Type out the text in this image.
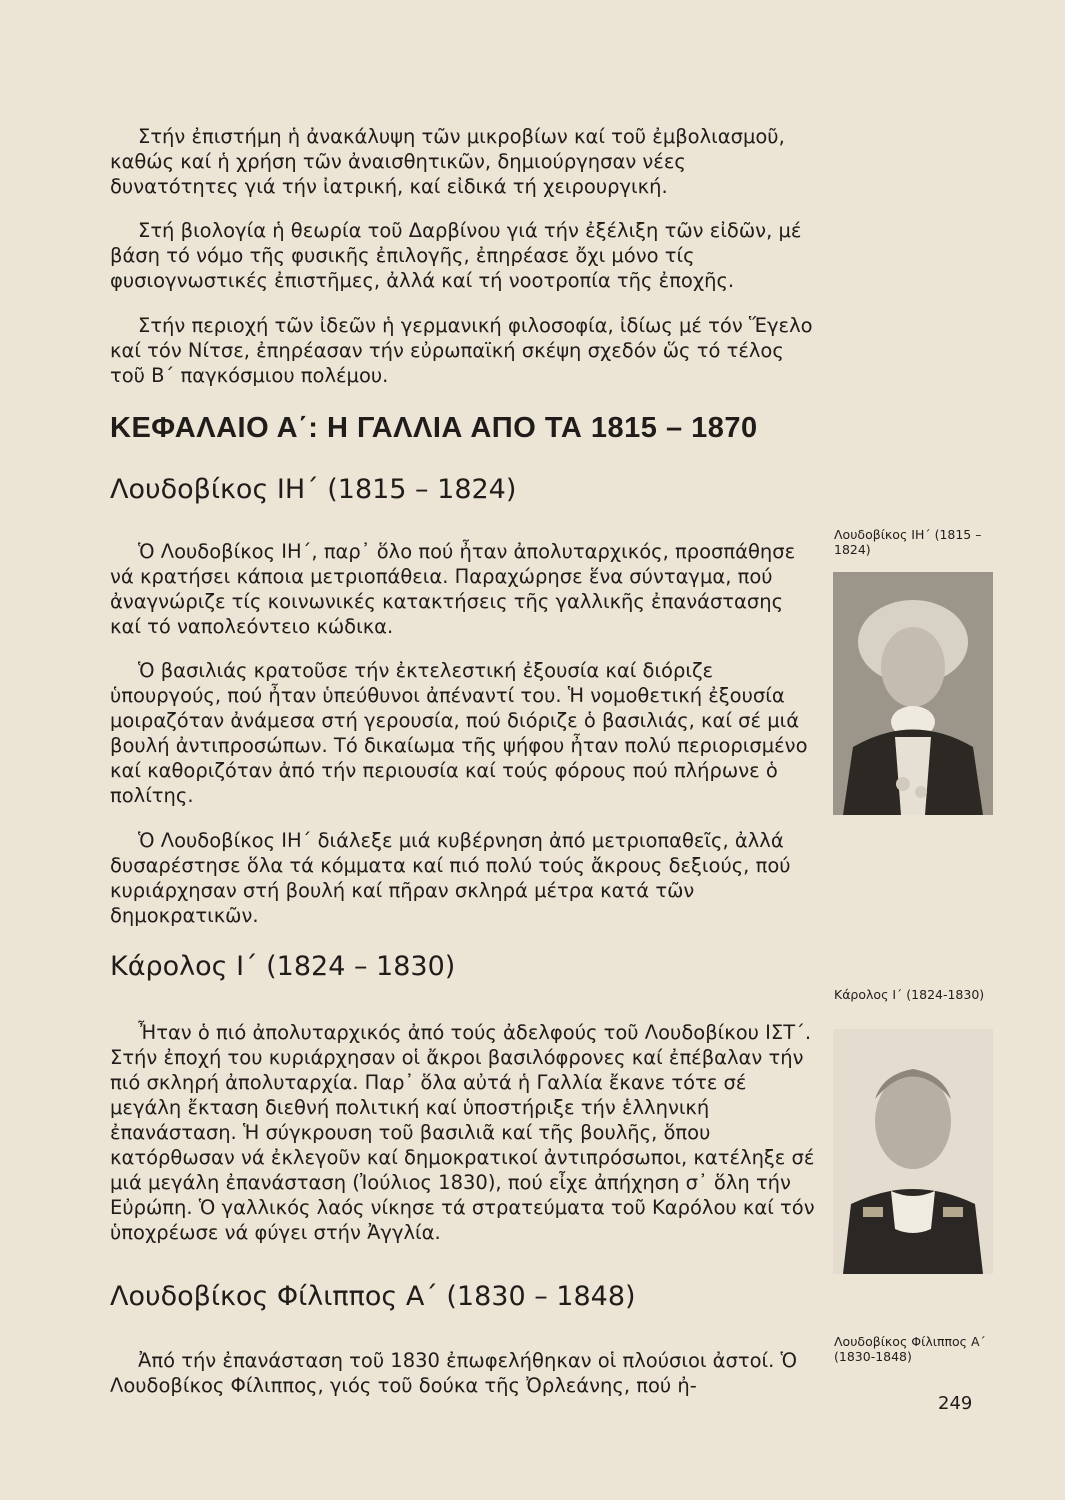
Στήν ἐπιστήμη ἡ ἀνακάλυψη τῶν μικροβίων καί τοῦ ἐμβολιασμοῦ, καθώς καί ἡ χρήση τῶν ἀναισθητικῶν, δημιούργησαν νέες δυνατότητες γιά τήν ἰατρική, καί εἰδικά τή χειρουργική.

Στή βιολογία ἡ θεωρία τοῦ Δαρβίνου γιά τήν ἐξέλιξη τῶν εἰδῶν, μέ βάση τό νόμο τῆς φυσικῆς ἐπιλογῆς, ἐπηρέασε ὄχι μόνο τίς φυσιογνωστικές ἐπιστῆμες, ἀλλά καί τή νοοτροπία τῆς ἐποχῆς.

Στήν περιοχή τῶν ἰδεῶν ἡ γερμανική φιλοσοφία, ἰδίως μέ τόν Ἕγελο καί τόν Νίτσε, ἐπηρέασαν τήν εὐρωπαϊκή σκέψη σχεδόν ὥς τό τέλος τοῦ Β΄ παγκόσμιου πολέμου.

ΚΕΦΑΛΑΙΟ Α΄: Η ΓΑΛΛΙΑ ΑΠΟ ΤΑ 1815 – 1870
Λουδοβίκος ΙΗ΄ (1815 – 1824)

Ὁ Λουδοβίκος ΙΗ΄, παρ᾽ ὅλο πού ἦταν ἀπολυταρχικός, προσπάθησε νά κρατήσει κάποια μετριοπάθεια. Παραχώρησε ἕνα σύνταγμα, πού ἀναγνώριζε τίς κοινωνικές κατακτήσεις τῆς γαλλικῆς ἐπανάστασης καί τό ναπολεόντειο κώδικα.

Ὁ βασιλιάς κρατοῦσε τήν ἐκτελεστική ἐξουσία καί διόριζε ὑπουργούς, πού ἦταν ὑπεύθυνοι ἀπέναντί του. Ἡ νομοθετική ἐξουσία μοιραζόταν ἀνάμεσα στή γερουσία, πού διόριζε ὁ βασιλιάς, καί σέ μιά βουλή ἀντιπροσώπων. Τό δικαίωμα τῆς ψήφου ἦταν πολύ περιορισμένο καί καθοριζόταν ἀπό τήν περιουσία καί τούς φόρους πού πλήρωνε ὁ πολίτης.

Ὁ Λουδοβίκος ΙΗ΄ διάλεξε μιά κυβέρνηση ἀπό μετριοπαθεῖς, ἀλλά δυσαρέστησε ὅλα τά κόμματα καί πιό πολύ τούς ἄκρους δεξιούς, πού κυριάρχησαν στή βουλή καί πῆραν σκληρά μέτρα κατά τῶν δημοκρατικῶν.

Κάρολος Ι΄ (1824 – 1830)

Ἦταν ὁ πιό ἀπολυταρχικός ἀπό τούς ἀδελφούς τοῦ Λουδοβίκου ΙΣΤ΄. Στήν ἐποχή του κυριάρχησαν οἱ ἄκροι βασιλόφρονες καί ἐπέβαλαν τήν πιό σκληρή ἀπολυταρχία. Παρ᾽ ὅλα αὐτά ἡ Γαλλία ἔκανε τότε σέ μεγάλη ἔκταση διεθνή πολιτική καί ὑποστήριξε τήν ἑλληνική ἐπανάσταση. Ἡ σύγκρουση τοῦ βασιλιᾶ καί τῆς βουλῆς, ὅπου κατόρθωσαν νά ἐκλεγοῦν καί δημοκρατικοί ἀντιπρόσωποι, κατέληξε σέ μιά μεγάλη ἐπανάσταση (Ἰούλιος 1830), πού εἶχε ἀπήχηση σ᾽ ὅλη τήν Εὐρώπη. Ὁ γαλλικός λαός νίκησε τά στρατεύματα τοῦ Καρόλου καί τόν ὑποχρέωσε νά φύγει στήν Ἀγγλία.

Λουδοβίκος Φίλιππος Α΄ (1830 – 1848)

Ἀπό τήν ἐπανάσταση τοῦ 1830 ἐπωφελήθηκαν οἱ πλούσιοι ἀστοί. Ὁ Λουδοβίκος Φίλιππος, γιός τοῦ δούκα τῆς Ὀρλεάνης, πού ἠ-

Λουδοβίκος ΙΗ΄ (1815 – 1824)

Κάρολος Ι΄ (1824-1830)

Λουδοβίκος Φίλιππος Α΄ (1830-1848)

249
